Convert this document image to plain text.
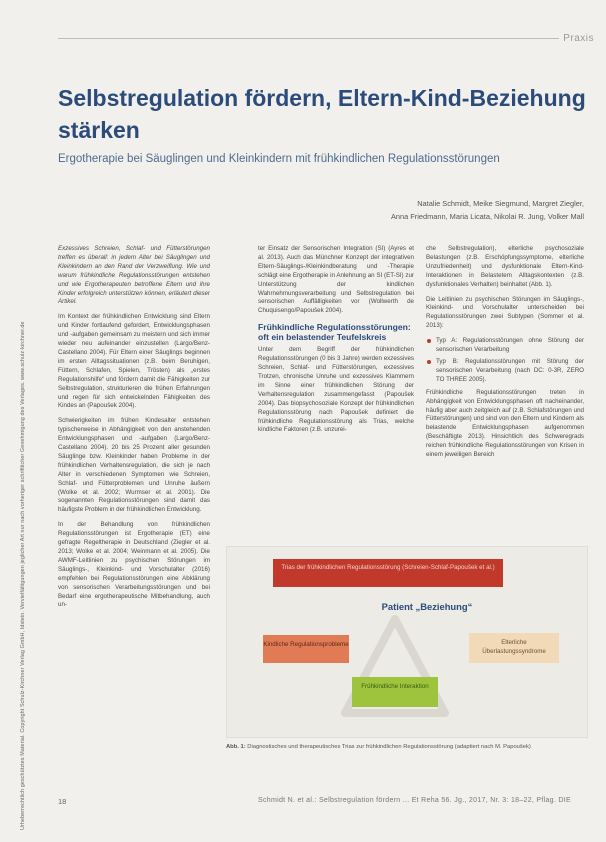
Urheberrechtlich geschütztes Material. Copyright Schulz-Kirchner Verlag GmbH, Idstein. Vervielfältigungen jeglicher Art nur nach vorheriger schriftlicher Genehmigung des Verlages. www.schulz-kirchner.de
Praxis
Selbstregulation fördern, Eltern-Kind-Beziehung stärken
Ergotherapie bei Säuglingen und Kleinkindern mit frühkindlichen Regulationsstörungen
Natalie Schmidt, Meike Siegmund, Margret Ziegler,
Anna Friedmann, Maria Licata, Nikolai R. Jung, Volker Mall

Exzessives Schreien, Schlaf- und Fütterstörungen treffen es überall: in jedem Alter bei Säuglingen und Kleinkindern an den Rand der Verzweiflung. Wie und warum frühkindliche Regulationsstörungen entstehen und wie Ergotherapeuten betroffene Eltern und ihre Kinder erfolgreich unterstützen können, erläutert dieser Artikel.

Im Kontext der frühkindlichen Entwicklung sind Eltern und Kinder fortlaufend gefordert, Entwicklungsphasen und -aufgaben gemeinsam zu meistern und sich immer wieder neu aufeinander einzustellen (Largo/Benz-Castellano 2004). Für Eltern einer Säuglings beginnen im ersten Alltagssituationen (z.B. beim Beruhigen, Füttern, Schlafen, Spielen, Trösten) als „erstes Regulationshilfe“ und fördern damit die Fähigkeiten zur Selbstregulation, strukturieren die frühen Erfahrungen und regen für sich entwickelnden Fähigkeiten des Kindes an (Papoušek 2004).

Schwierigkeiten im frühen Kindesalter entstehen typischerweise in Abhängigkeit von den anstehenden Entwicklungsphasen und -aufgaben (Largo/Benz-Castellano 2004). 20 bis 25 Prozent aller gesunden Säuglinge bzw. Kleinkinder haben Probleme in der frühkindlichen Verhaltensregulation, die sich je nach Alter in verschiedenen Symptomen wie Schreien, Schlaf- und Fütterproblemen und Unruhe äußern (Wolke et al. 2002; Wurmser et al. 2001). Die sogenannten Regulationsstörungen sind damit das häufigste Problem in der frühkindlichen Entwicklung.

In der Behandlung von frühkindlichen Regulationsstörungen ist Ergotherapie (ET) eine gefragte Regeltherapie in Deutschland (Ziegler et al. 2013; Wolke et al. 2004; Weinmann et al. 2005). Die AWMF-Leitlinien zu psychischen Störungen im Säuglings-, Kleinkind- und Vorschulalter (2016) empfehlen bei Regulationsstörungen eine Abklärung von sensorischen Verarbeitungsstörungen und bei Bedarf eine ergotherapeutische Mitbehandlung, auch un-

ter Einsatz der Sensorischen Integration (SI) (Ayres et al. 2013). Auch das Münchner Konzept der integrativen Eltern-Säuglings-/Kleinkindberatung und -Therapie schlägt eine Ergotherapie in Anlehnung an SI (ET-SI) zur Unterstützung der kindlichen Wahrnehmungsverarbeitung und Selbstregulation bei sensorischen Auffälligkeiten vor (Wollwerth de Chuquisengo/Papoušek 2004).

Frühkindliche Regulationsstörungen: oft ein belastender Teufelskreis

Unter dem Begriff der frühkindlichen Regulationsstörungen (0 bis 3 Jahre) werden exzessives Schreien, Schlaf- und Fütterstörungen, exzessives Trotzen, chronische Unruhe und exzessives Klammern im Sinne einer frühkindlichen Störung der Verhaltensregulation zusammengefasst (Papoušek 2004). Das biopsychosoziale Konzept der frühkindlichen Regulationsstörung nach Papoušek definiert die frühkindliche Regulationsstörung als Trias, welche kindliche Faktoren (z.B. unzurei-

che Selbstregulation), elterliche psychosoziale Belastungen (z.B. Erschöpfungssymptome, elterliche Unzufriedenheit) und dysfunktionale Eltern-Kind-Interaktionen in Belastetem Alltagskontexten (z.B. dysfunktionales Verhalten) beinhaltet (Abb. 1).

Die Leitlinien zu psychischen Störungen im Säuglings-, Kleinkind- und Vorschulalter unterscheiden bei Regulationsstörungen zwei Subtypen (Sommer et al. 2013):

Typ A: Regulationsstörungen ohne Störung der sensorischen Verarbeitung
Typ B: Regulationsstörungen mit Störung der sensorischen Verarbeitung (nach DC: 0-3R, ZERO TO THREE 2005).

Frühkindliche Regulationsstörungen treten in Abhängigkeit von Entwicklungsphasen oft nacheinander, häufig aber auch zeitgleich auf (z.B. Schlafstörungen und Fütterstörungen) und sind von den Eltern und Kindern als belastende Entwicklungsphasen aufgenommen (Beschäftigte 2013). Hinsichtlich des Schweregrads reichen frühkindliche Regulationsstörungen von Krisen in einem jeweiligen Bereich

Trias der frühkindlichen Regulationsstörung (Schreien-Schlaf-Papoušek et al.)
Patient „Beziehung“
Kindliche Regulationsprobleme	Elterliche Überlastungssyndrome
Frühkindliche Interaktion
Abb. 1: Diagnostisches und therapeutisches Trias zur frühkindlichen Regulationsstörung (adaptiert nach M. Papoušek)
18	Schmidt N. et al.: Selbstregulation fördern ... Et Reha 56. Jg., 2017, Nr. 3: 18–22, Pflag. DIE
